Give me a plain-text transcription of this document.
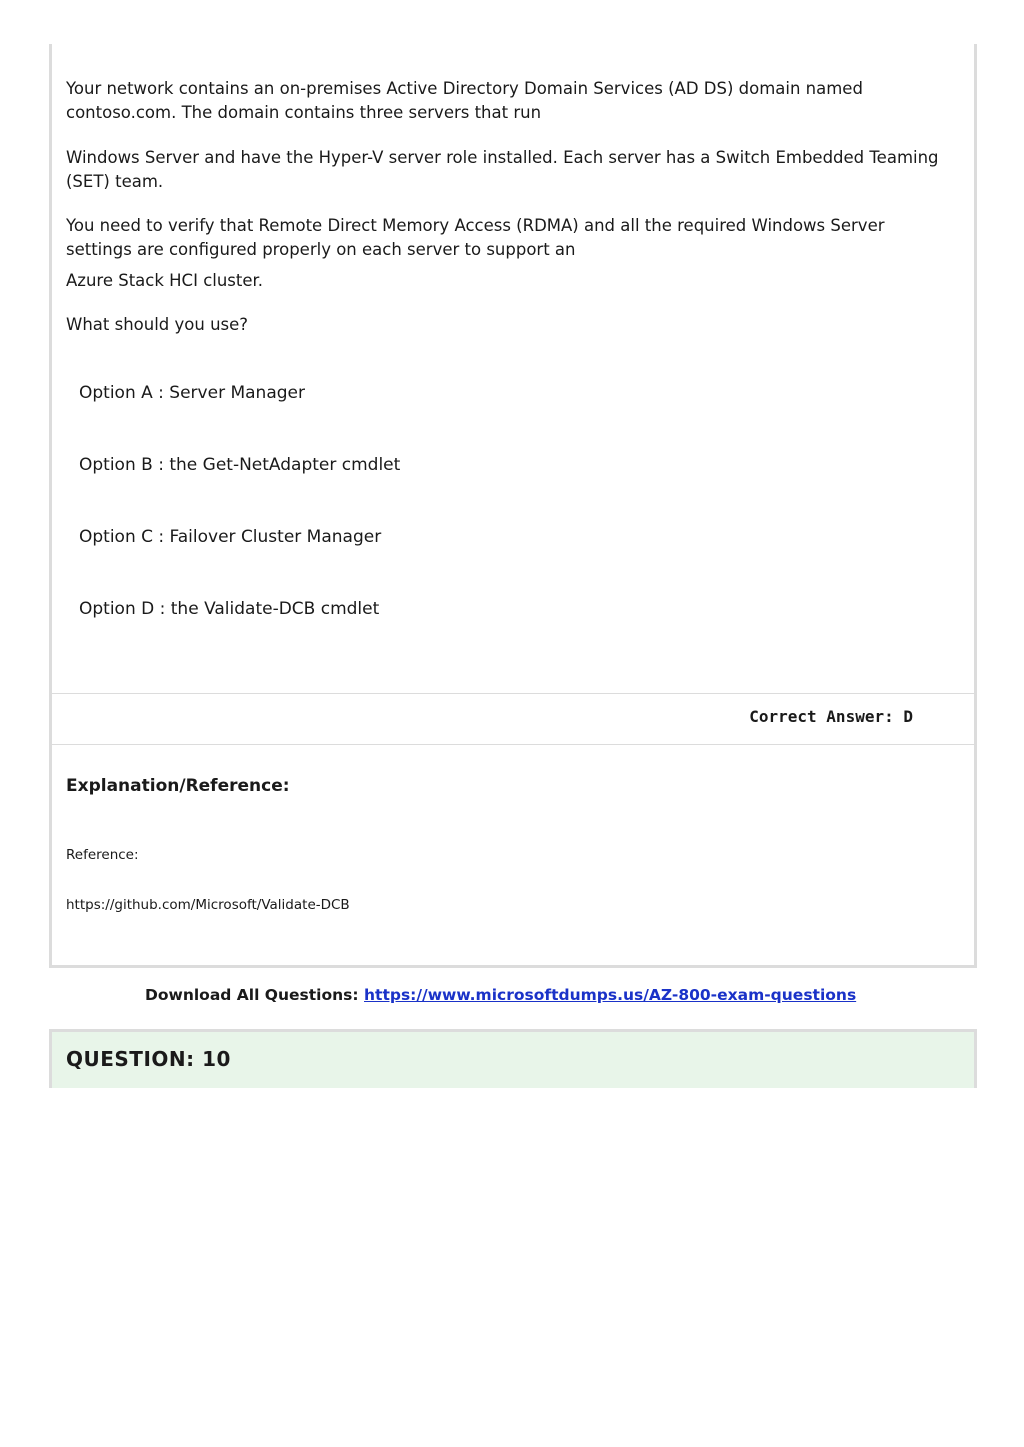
Your network contains an on-premises Active Directory Domain Services (AD DS) domain named contoso.com. The domain contains three servers that run

Windows Server and have the Hyper-V server role installed. Each server has a Switch Embedded Teaming (SET) team.

You need to verify that Remote Direct Memory Access (RDMA) and all the required Windows Server settings are configured properly on each server to support an

Azure Stack HCI cluster.

What should you use?

Option A : Server Manager
Option B : the Get-NetAdapter cmdlet
Option C : Failover Cluster Manager
Option D : the Validate-DCB cmdlet
Correct Answer: D
Explanation/Reference:
Reference:
https://github.com/Microsoft/Validate-DCB
Download All Questions: https://www.microsoftdumps.us/AZ-800-exam-questions
QUESTION: 10
